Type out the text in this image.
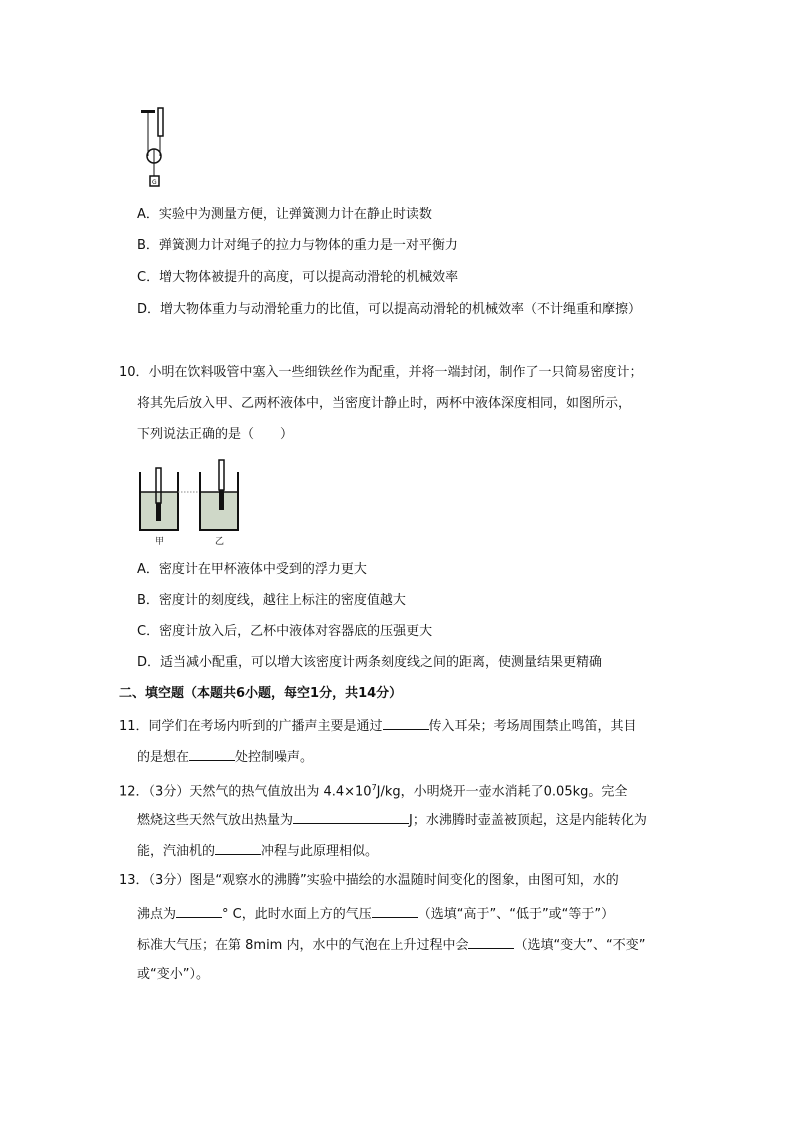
G
A．实验中为测量方便，让弹簧测力计在静止时读数
B．弹簧测力计对绳子的拉力与物体的重力是一对平衡力
C．增大物体被提升的高度，可以提高动滑轮的机械效率
D．增大物体重力与动滑轮重力的比值，可以提高动滑轮的机械效率（不计绳重和摩擦）
10．小明在饮料吸管中塞入一些细铁丝作为配重，并将一端封闭，制作了一只简易密度计；
将其先后放入甲、乙两杯液体中，当密度计静止时，两杯中液体深度相同，如图所示，
下列说法正确的是（　　）
甲	乙
A．密度计在甲杯液体中受到的浮力更大
B．密度计的刻度线，越往上标注的密度值越大
C．密度计放入后，乙杯中液体对容器底的压强更大
D．适当减小配重，可以增大该密度计两条刻度线之间的距离，使测量结果更精确
二、填空题（本题共6小题，每空1分，共14分）
11．同学们在考场内听到的广播声主要是通过	传入耳朵；考场周围禁止鸣笛，其目
的是想在	处控制噪声。
12．（3分）天然气的热气值放出为 $4.4\times 10^7J/kg$，小明烧开一壶水消耗了0.05kg。完全
燃烧这些天然气放出热量为	J；水沸腾时壶盖被顶起，这是内能转化为
能，汽油机的	冲程与此原理相似。
13．（3分）图是“观察水的沸腾”实验中描绘的水温随时间变化的图象，由图可知，水的
沸点为	° C，此时水面上方的气压	（选填“高于”、“低于”或“等于”）
标准大气压；在第 8mim 内，水中的气泡在上升过程中会	（选填“变大”、“不变”
或“变小”）。
